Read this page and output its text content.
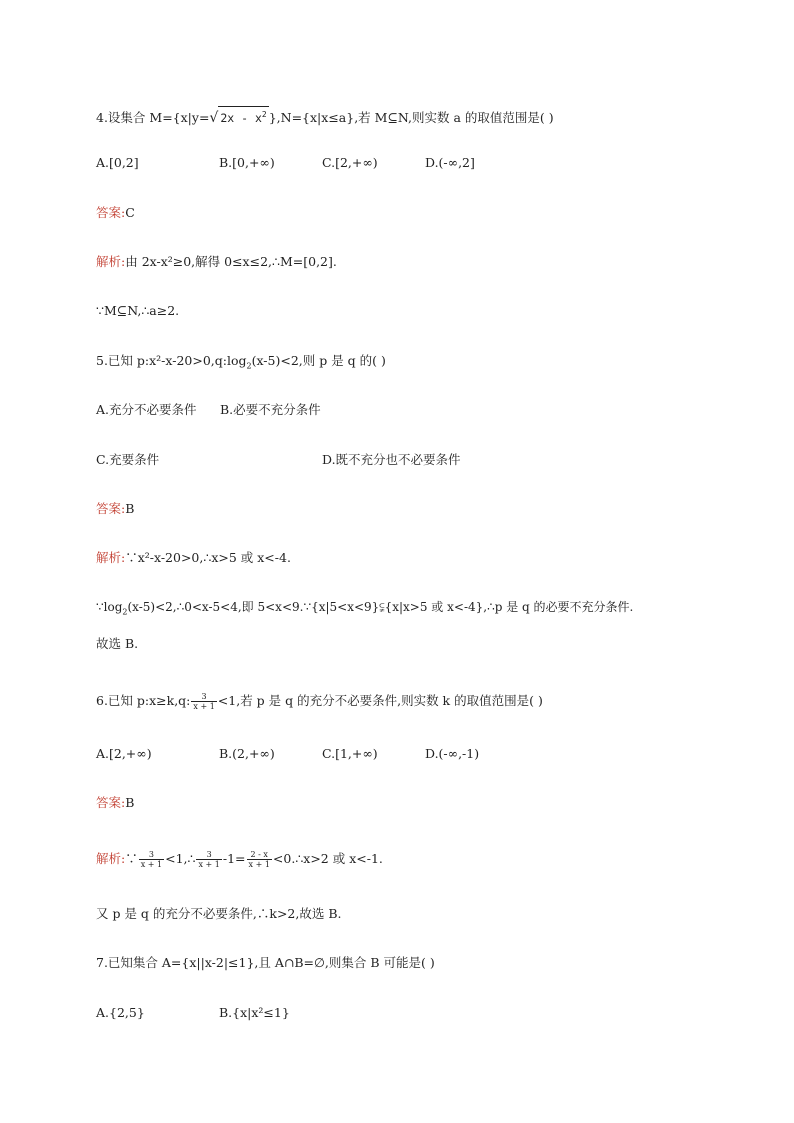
4.设集合 M={x|y=√ $2x - x^2$ },N={x|x≤a},若 M⊆N,则实数 a 的取值范围是( )
A.[0,2]	B.[0,+∞)	C.[2,+∞)	D.(-∞,2]
答案:C
解析:由 2x-x²≥0,解得 0≤x≤2,∴M=[0,2].
∵M⊆N,∴a≥2.
5.已知 $p:x^2-x-20>0,q:\log_2(x-5)<2$,则 p 是 q 的( )
A.充分不必要条件 B.必要不充分条件
C.充要条件	D.既不充分也不必要条件
答案:B
解析:∵x²-x-20>0,∴x>5 或 x<-4.
$\because\log_2(x-5)<2,\therefore 0<x-5<4$,即 5<x<9.∵{x|5<x<9}⫋{x|x>5 或 x<-4},∴p 是 q 的必要不充分条件.
故选 B.
6.已知 p:x≥k,q: $\frac{3}{x + 1} <1$,若 p 是 q 的充分不必要条件,则实数 k 的取值范围是( )
A.[2,+∞)	B.(2,+∞)	C.[1,+∞)	D.(-∞,-1)
答案:B
解析:∵ $\frac{3}{x + 1}$ <1,∴ $\frac{3}{x + 1} -1= \frac{2 - x}{x + 1}$ <0.∴x>2 或 x<-1.
又 p 是 q 的充分不必要条件,∴k>2,故选 B.
7.已知集合 A={x||x-2|≤1},且 A∩B=∅,则集合 B 可能是( )
A.{2,5}	B.{x|x²≤1}
